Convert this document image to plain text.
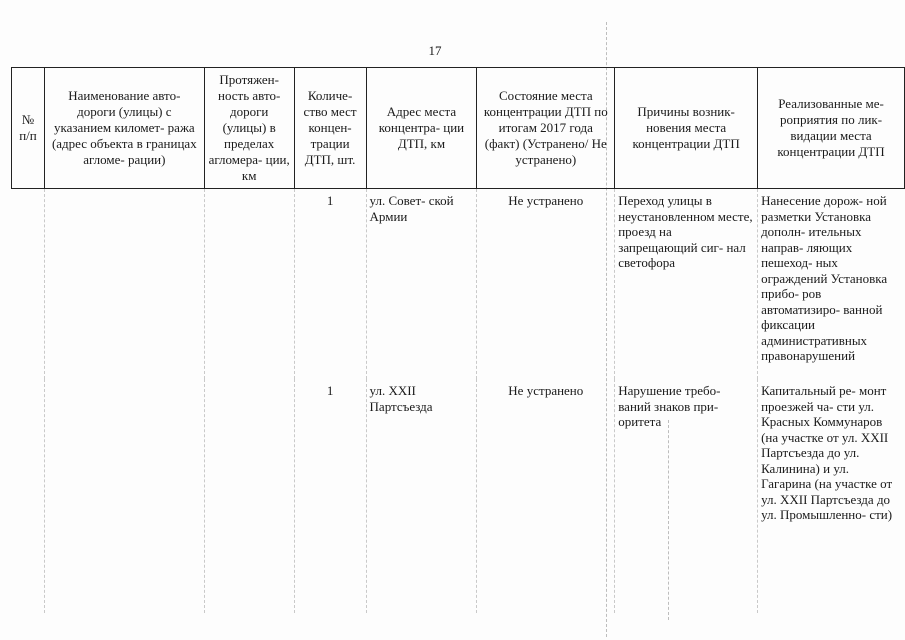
17
№ п/п	Наименование авто- дороги (улицы) с указанием километ- ража (адрес объекта в границах агломе- рации)	Протяжен- ность авто- дороги (улицы) в пределах агломера- ции, км	Количе- ство мест концен- трации ДТП, шт.	Адрес места концентра- ции ДТП, км	Состояние места концентрации ДТП по итогам 2017 года (факт) (Устранено/ Не устранено)	Причины возник- новения места концентрации ДТП	Реализованные ме- роприятия по лик- видации места концентрации ДТП
			1	ул. Совет- ской Армии	Не устранено	Переход улицы в неустановленном месте, проезд на запрещающий сиг- нал светофора	Нанесение дорож- ной разметки Установка дополн- ительных направ- ляющих пешеход- ных ограждений Установка прибо- ров автоматизиро- ванной фиксации административных правонарушений
			1	ул. XXII Партсъезда	Не устранено	Нарушение требо- ваний знаков при- оритета	Капитальный ре- монт проезжей ча- сти ул. Красных Коммунаров (на участке от ул. XXII Партсъезда до ул. Калинина) и ул. Гагарина (на участке от ул. XXII Партсъезда до ул. Промышленно- сти)
